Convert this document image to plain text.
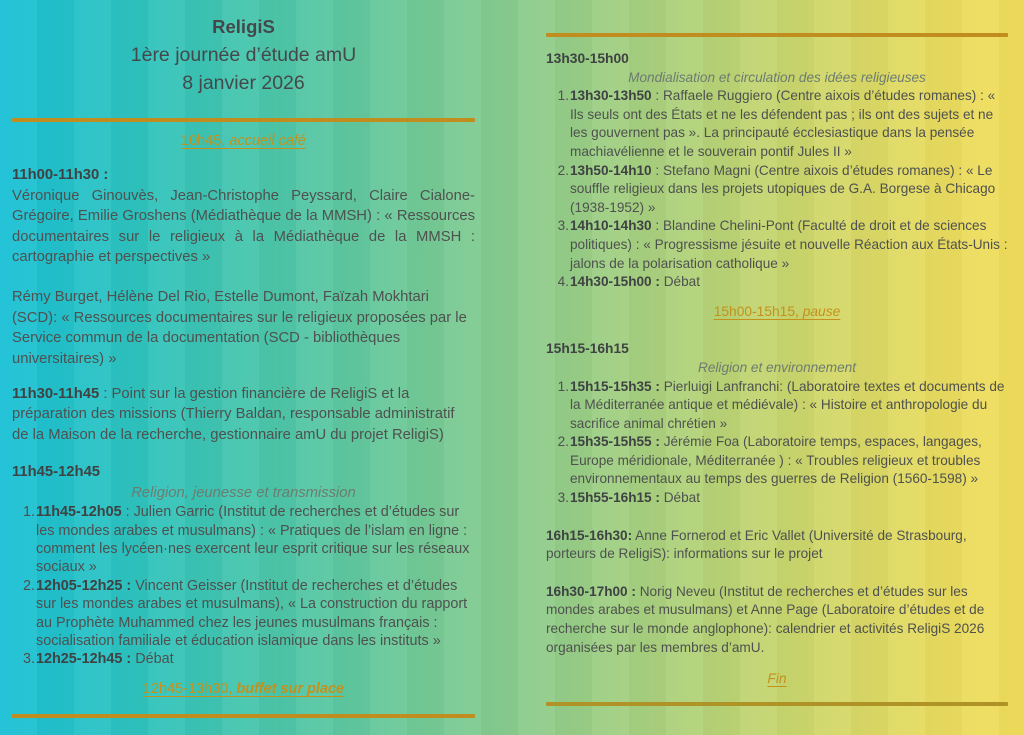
ReligiS

1ère journée d’étude amU

8 janvier 2026

10h45, accueil café

11h00-11h30 :

Véronique Ginouvès, Jean-Christophe Peyssard, Claire Cialone-Grégoire, Emilie Groshens (Médiathèque de la MMSH) : « Ressources documentaires sur le religieux à la Médiathèque de la MMSH : cartographie et perspectives »

Rémy Burget, Hélène Del Rio, Estelle Dumont, Faïzah Mokhtari (SCD): « Ressources documentaires sur le religieux proposées par le Service commun de la documentation (SCD - bibliothèques universitaires) »

11h30-11h45 : Point sur la gestion financière de ReligiS et la préparation des missions (Thierry Baldan, responsable administratif de la Maison de la recherche, gestionnaire amU du projet ReligiS)

11h45-12h45

Religion, jeunesse et transmission

1. 11h45-12h05 : Julien Garric (Institut de recherches et d’études sur les mondes arabes et musulmans) : « Pratiques de l’islam en ligne : comment les lycéen·nes exercent leur esprit critique sur les réseaux sociaux »
2. 12h05-12h25 : Vincent Geisser (Institut de recherches et d’études sur les mondes arabes et musulmans), « La construction du rapport au Prophète Muhammed chez les jeunes musulmans français : socialisation familiale et éducation islamique dans les instituts »
3. 12h25-12h45 : Débat
12h45-13h30, buffet sur place

13h30-15h00

Mondialisation et circulation des idées religieuses

1. 13h30-13h50 : Raffaele Ruggiero (Centre aixois d’études romanes) : « Ils seuls ont des États et ne les défendent pas ; ils ont des sujets et ne les gouvernent pas ». La principauté écclesiastique dans la pensée machiavélienne et le souverain pontif Jules II »
2. 13h50-14h10 : Stefano Magni (Centre aixois d’études romanes) : « Le souffle religieux dans les projets utopiques de G.A. Borgese à Chicago (1938-1952) »
3. 14h10-14h30 : Blandine Chelini-Pont (Faculté de droit et de sciences politiques) : « Progressisme jésuite et nouvelle Réaction aux États-Unis : jalons de la polarisation catholique »
4. 14h30-15h00 : Débat
15h00-15h15, pause

15h15-16h15

Religion et environnement

1. 15h15-15h35 : Pierluigi Lanfranchi: (Laboratoire textes et documents de la Méditerranée antique et médiévale) : « Histoire et anthropologie du sacrifice animal chrétien »
2. 15h35-15h55 : Jérémie Foa (Laboratoire temps, espaces, langages, Europe méridionale, Méditerranée ) : « Troubles religieux et troubles environnementaux au temps des guerres de Religion (1560-1598) »
3. 15h55-16h15 : Débat

16h15-16h30: Anne Fornerod et Eric Vallet (Université de Strasbourg, porteurs de ReligiS): informations sur le projet

16h30-17h00 : Norig Neveu (Institut de recherches et d’études sur les mondes arabes et musulmans) et Anne Page (Laboratoire d’études et de recherche sur le monde anglophone): calendrier et activités ReligiS 2026 organisées par les membres d’amU.

Fin
